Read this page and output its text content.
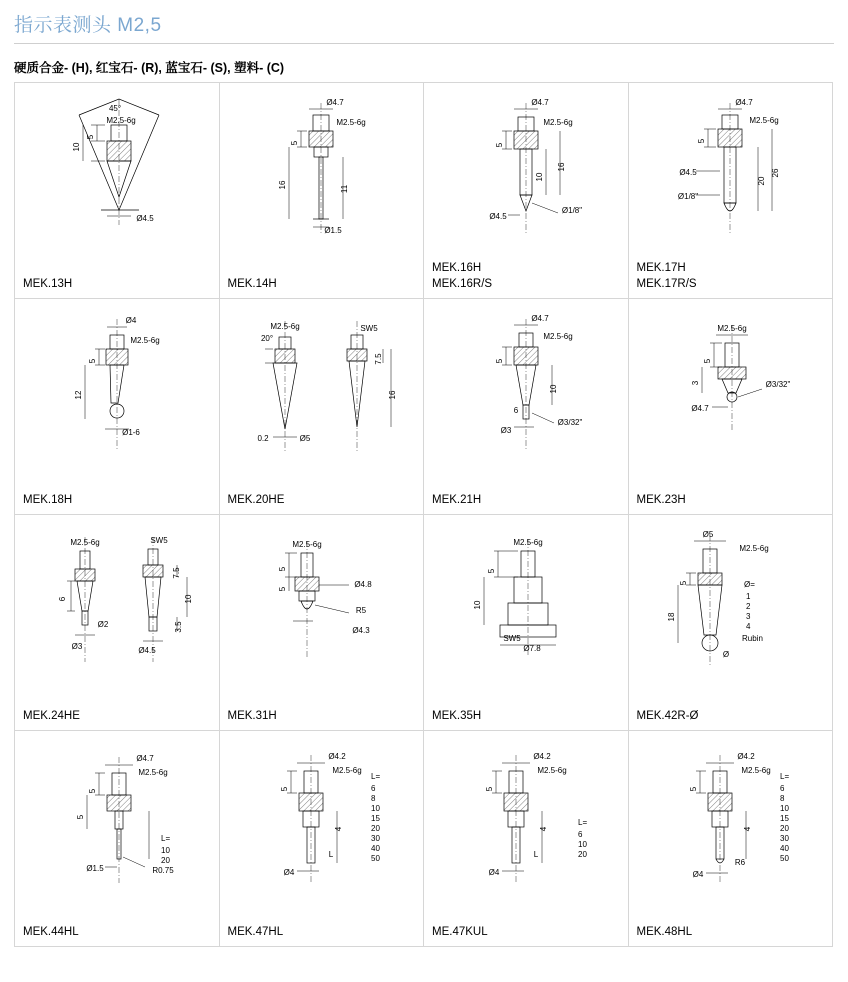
指示表测头 M2,5
硬质合金- (H), 红宝石- (R), 蓝宝石- (S), 塑料- (C)
45°
M2.5-6g
5
10
Ø4.5
MEK.13H
Ø4.7
M2.5-6g
5
16	11
Ø1.5
MEK.14H
Ø4.7
M2.5-6g
5
16
10
Ø4.5
Ø1/8"
MEK.16H
MEK.16R/S
Ø4.7
M2.5-6g
5
26
20
Ø4.5
Ø1/8"
MEK.17H
MEK.17R/S
Ø4
M2.5-6g
5
12
Ø1-6
MEK.18H
M2.5-6g
20°
SW5
7.5
16
0.2	Ø5
MEK.20HE
Ø4.7
M2.5-6g
5
10
6
Ø3
Ø3/32"
MEK.21H
M2.5-6g
5
3
Ø4.7
Ø3/32"
MEK.23H
M2.5-6g	SW5
6
7.5
10
3.5
Ø2
Ø3	Ø4.5
MEK.24HE
M2.5-6g
5
5	Ø4.8
R5
Ø4.3
MEK.31H
M2.5-6g
5
10
SW5
Ø7.8
MEK.35H
Ø5
M2.5-6g
5
18
Ø=
1
2
3
4
Rubin
Ø
MEK.42R-Ø
Ø4.7
M2.5-6g
5
5
Ø1.5	R0.75
L=
10
20
MEK.44HL
Ø4.2
M2.5-6g
5
4
L
Ø4
L=
6
8
10
15
20
30
40
50
MEK.47HL
Ø4.2
M2.5-6g
5
4
L
Ø4
L=
6
10
20
ME.47KUL
Ø4.2
M2.5-6g
5
4
R6
Ø4
L=
6
8
10
15
20
30
40
50
MEK.48HL
